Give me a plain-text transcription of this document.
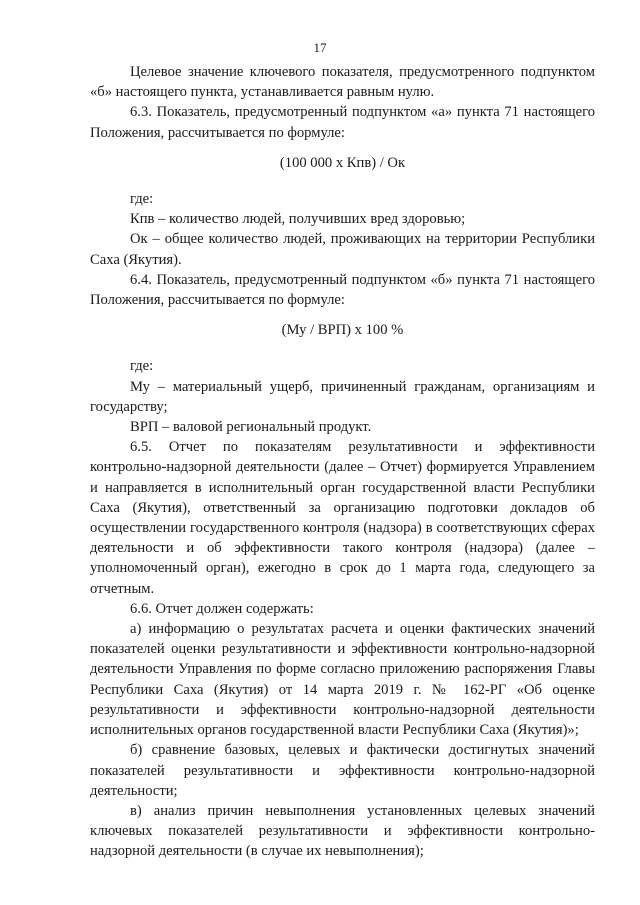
17

Целевое значение ключевого показателя, предусмотренного подпунктом «б» настоящего пункта, устанавливается равным нулю.

6.3. Показатель, предусмотренный подпунктом «а» пункта 71 настоящего Положения, рассчитывается по формуле:

(100 000 х Кпв) / Ок

где:

Кпв – количество людей, получивших вред здоровью;

Ок – общее количество людей, проживающих на территории Республики Саха (Якутия).

6.4. Показатель, предусмотренный подпунктом «б» пункта 71 настоящего Положения, рассчитывается по формуле:

(Му / ВРП) х 100 %

где:

Му – материальный ущерб, причиненный гражданам, организациям и государству;

ВРП – валовой региональный продукт.

6.5. Отчет по показателям результативности и эффективности контрольно-надзорной деятельности (далее – Отчет) формируется Управлением и направляется в исполнительный орган государственной власти Республики Саха (Якутия), ответственный за организацию подготовки докладов об осуществлении государственного контроля (надзора) в соответствующих сферах деятельности и об эффективности такого контроля (надзора) (далее – уполномоченный орган), ежегодно в срок до 1 марта года, следующего за отчетным.

6.6. Отчет должен содержать:

а) информацию о результатах расчета и оценки фактических значений показателей оценки результативности и эффективности контрольно-надзорной деятельности Управления по форме согласно приложению распоряжения Главы Республики Саха (Якутия) от 14 марта 2019 г. № 162-РГ «Об оценке результативности и эффективности контрольно-надзорной деятельности исполнительных органов государственной власти Республики Саха (Якутия)»;

б) сравнение базовых, целевых и фактически достигнутых значений показателей результативности и эффективности контрольно-надзорной деятельности;

в) анализ причин невыполнения установленных целевых значений ключевых показателей результативности и эффективности контрольно-надзорной деятельности (в случае их невыполнения);
